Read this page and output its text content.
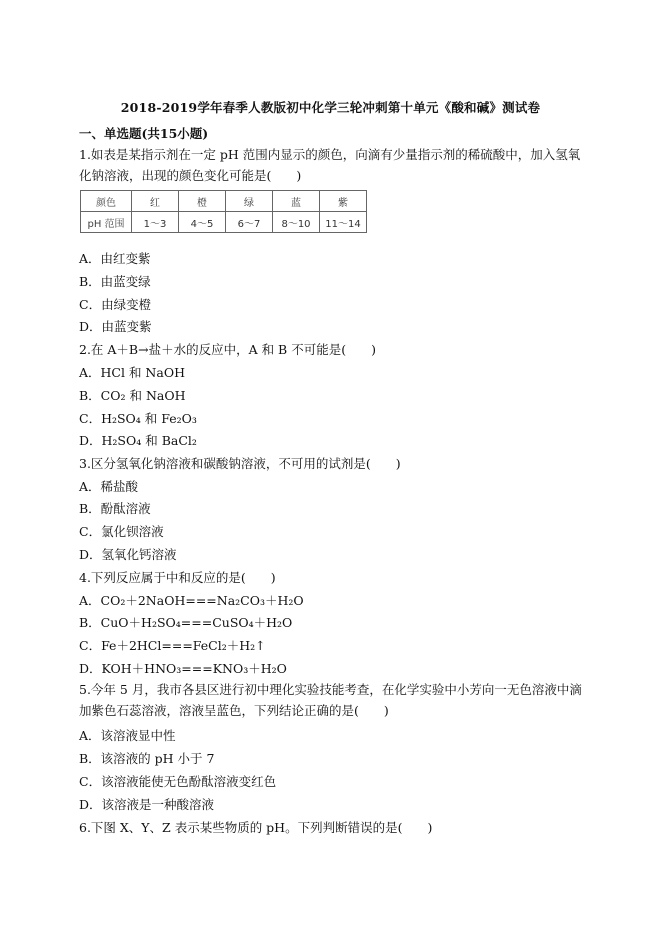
2018-2019学年春季人教版初中化学三轮冲刺第十单元《酸和碱》测试卷
一、单选题(共15小题)
1.如表是某指示剂在一定 pH 范围内显示的颜色，向滴有少量指示剂的稀硫酸中，加入氢氧化钠溶液，出现的颜色变化可能是(　　)
颜色	红	橙	绿	蓝	紫
pH 范围	1～3	4～5	6～7	8～10	11～14
A．由红变紫
B．由蓝变绿
C．由绿变橙
D．由蓝变紫
2.在 A＋B→盐＋水的反应中，A 和 B 不可能是(　　)
A．HCl 和 NaOH
B．CO₂ 和 NaOH
C．H₂SO₄ 和 Fe₂O₃
D．H₂SO₄ 和 BaCl₂
3.区分氢氧化钠溶液和碳酸钠溶液，不可用的试剂是(　　)
A．稀盐酸
B．酚酞溶液
C．氯化钡溶液
D．氢氧化钙溶液
4.下列反应属于中和反应的是(　　)
A．CO₂＋2NaOH===Na₂CO₃＋H₂O
B．CuO＋H₂SO₄===CuSO₄＋H₂O
C．Fe＋2HCl===FeCl₂＋H₂↑
D．KOH＋HNO₃===KNO₃＋H₂O
5.今年 5 月，我市各县区进行初中理化实验技能考查，在化学实验中小芳向一无色溶液中滴加紫色石蕊溶液，溶液呈蓝色，下列结论正确的是(　　)
A．该溶液显中性
B．该溶液的 pH 小于 7
C．该溶液能使无色酚酞溶液变红色
D．该溶液是一种酸溶液
6.下图 X、Y、Z 表示某些物质的 pH。下列判断错误的是(　　)
